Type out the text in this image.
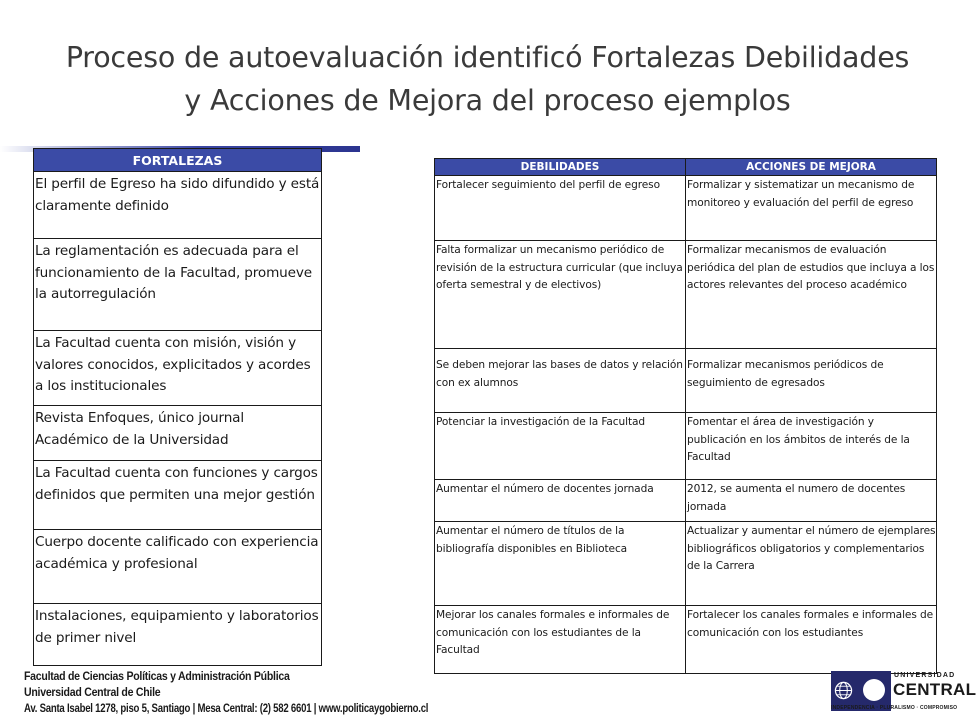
Proceso de autoevaluación identificó Fortalezas Debilidades
y Acciones de Mejora del proceso ejemplos
FORTALEZAS
El perfil de Egreso ha sido difundido y está claramente definido
La reglamentación es adecuada para el funcionamiento de la Facultad, promueve la autorregulación
La Facultad cuenta con misión, visión y valores conocidos, explicitados y acordes a los institucionales
Revista Enfoques, único journal Académico de la Universidad
La Facultad cuenta con funciones y cargos definidos que permiten una mejor gestión
Cuerpo docente calificado con experiencia académica y profesional
Instalaciones, equipamiento y laboratorios de primer nivel
DEBILIDADES	ACCIONES DE MEJORA
Fortalecer seguimiento del perfil de egreso	Formalizar y sistematizar un mecanismo de monitoreo y evaluación del perfil de egreso
Falta formalizar un mecanismo periódico de revisión de la estructura curricular (que incluya oferta semestral y de electivos)	Formalizar mecanismos de evaluación periódica del plan de estudios que incluya a los actores relevantes del proceso académico
Se deben mejorar las bases de datos y relación con ex alumnos	Formalizar mecanismos periódicos de seguimiento de egresados
Potenciar la investigación de la Facultad	Fomentar el área de investigación y publicación en los ámbitos de interés de la Facultad
Aumentar el número de docentes jornada	2012, se aumenta el numero de docentes jornada
Aumentar el número de títulos de la bibliografía disponibles en Biblioteca	Actualizar y aumentar el número de ejemplares bibliográficos obligatorios y complementarios de la Carrera
Mejorar los canales formales e informales de comunicación con los estudiantes de la Facultad	Fortalecer los canales formales e informales de comunicación con los estudiantes
Facultad de Ciencias Políticas y Administración Pública
Universidad Central de Chile
Av. Santa Isabel 1278, piso 5, Santiago | Mesa Central: (2) 582 6601 | www.politicaygobierno.cl
UNIVERSIDAD
CENTRAL
INDEPENDENCIA · PLURALISMO · COMPROMISO
